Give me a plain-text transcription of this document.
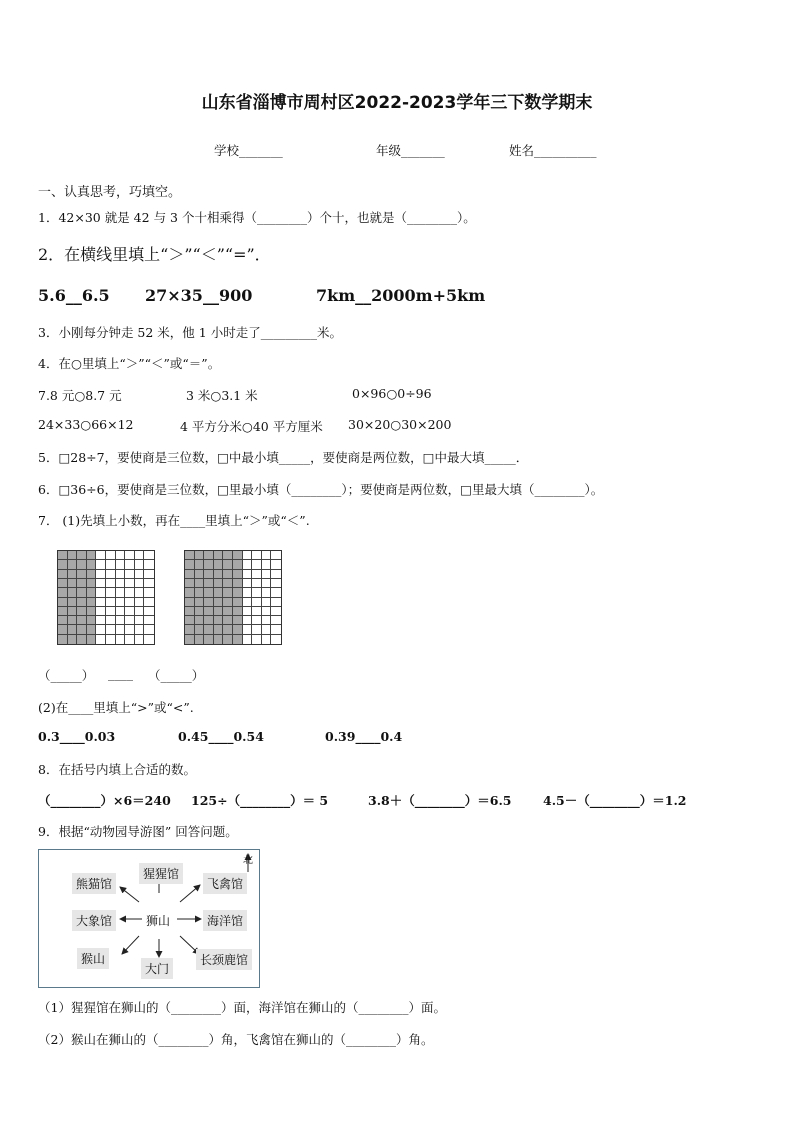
山东省淄博市周村区2022-2023学年三下数学期末
学校_______	年级_______	姓名__________
一、认真思考，巧填空。
1．42×30 就是 42 与 3 个十相乘得（________）个十，也就是（________）。
2．在横线里填上“＞”“＜”“=”．
5.6__6.5 27×35__900	7km__2000m+5km
3．小刚每分钟走 52 米，他 1 小时走了_________米。
4．在○里填上“＞”“＜”或“＝”。
7.8 元○8.7 元	3 米○3.1 米	0×96○0÷96
24×33○66×12	4 平方分米○40 平方厘米 30×20○30×200
5．□28÷7，要使商是三位数，□中最小填_____，要使商是两位数，□中最大填_____．
6．□36÷6，要使商是三位数，□里最小填（________）；要使商是两位数，□里最大填（________）。
7． (1)先填上小数，再在____里填上“＞”或“＜”.
（_____） ____ （_____）
(2)在____里填上“>”或“<”.
0.3____0.03	0.45____0.54	0.39____0.4
8．在括号内填上合适的数。
（________）×6＝240 125÷（________）＝ 5	3.8＋（________）＝6.5	4.5－（________）＝1.2
9．根据“动物园导游图” 回答问题。
北
熊猫馆
猩猩馆
飞禽馆
大象馆	狮山	海洋馆
猴山
大门
长颈鹿馆
（1）猩猩馆在狮山的（________）面，海洋馆在狮山的（________）面。
（2）猴山在狮山的（________）角，飞禽馆在狮山的（________）角。
